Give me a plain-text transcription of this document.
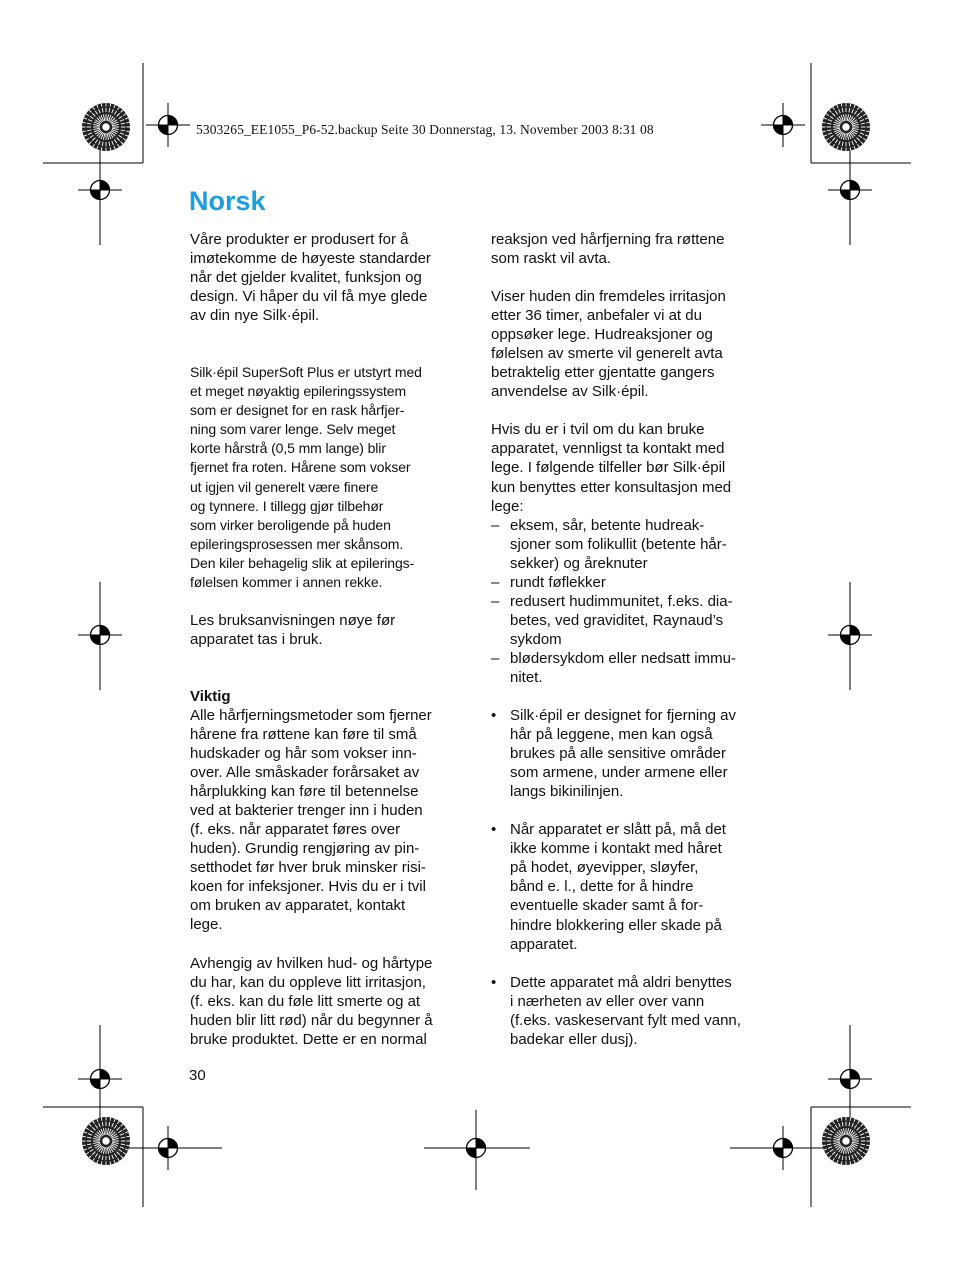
5303265_EE1055_P6-52.backup Seite 30 Donnerstag, 13. November 2003 8:31 08
Norsk

Våre produkter er produsert for å
imøtekomme de høyeste standarder
når det gjelder kvalitet, funksjon og
design. Vi håper du vil få mye glede
av din nye Silk·épil.

Silk·épil SuperSoft Plus er utstyrt med
et meget nøyaktig epileringssystem
som er designet for en rask hårfjer-
ning som varer lenge. Selv meget
korte hårstrå (0,5 mm lange) blir
fjernet fra roten. Hårene som vokser
ut igjen vil generelt være finere
og tynnere. I tillegg gjør tilbehør
som virker beroligende på huden
epileringsprosessen mer skånsom.
Den kiler behagelig slik at epilerings-
følelsen kommer i annen rekke.

Les bruksanvisningen nøye før
apparatet tas i bruk.

Viktig

Alle hårfjerningsmetoder som fjerner
hårene fra røttene kan føre til små
hudskader og hår som vokser inn-
over. Alle småskader forårsaket av
hårplukking kan føre til betennelse
ved at bakterier trenger inn i huden
(f. eks. når apparatet føres over
huden). Grundig rengjøring av pin-
setthodet før hver bruk minsker risi-
koen for infeksjoner. Hvis du er i tvil
om bruken av apparatet, kontakt
lege.

Avhengig av hvilken hud- og hårtype
du har, kan du oppleve litt irritasjon,
(f. eks. kan du føle litt smerte og at
huden blir litt rød) når du begynner å
bruke produktet. Dette er en normal

reaksjon ved hårfjerning fra røttene
som raskt vil avta.

Viser huden din fremdeles irritasjon
etter 36 timer, anbefaler vi at du
oppsøker lege. Hudreaksjoner og
følelsen av smerte vil generelt avta
betraktelig etter gjentatte gangers
anvendelse av Silk·épil.

Hvis du er i tvil om du kan bruke
apparatet, vennligst ta kontakt med
lege. I følgende tilfeller bør Silk·épil
kun benyttes etter konsultasjon med
lege:

– eksem, sår, betente hudreak-
sjoner som folikullit (betente hår-
sekker) og åreknuter
– rundt føflekker
– redusert hudimmunitet, f.eks. dia-
betes, ved graviditet, Raynaud’s
sykdom
– blødersykdom eller nedsatt immu-
nitet.
• Silk·épil er designet for fjerning av
hår på leggene, men kan også
brukes på alle sensitive områder
som armene, under armene eller
langs bikinilinjen.
• Når apparatet er slått på, må det
ikke komme i kontakt med håret
på hodet, øyevipper, sløyfer,
bånd e. l., dette for å hindre
eventuelle skader samt å for-
hindre blokkering eller skade på
apparatet.
• Dette apparatet må aldri benyttes
i nærheten av eller over vann
(f.eks. vaskeservant fylt med vann,
badekar eller dusj).
30
